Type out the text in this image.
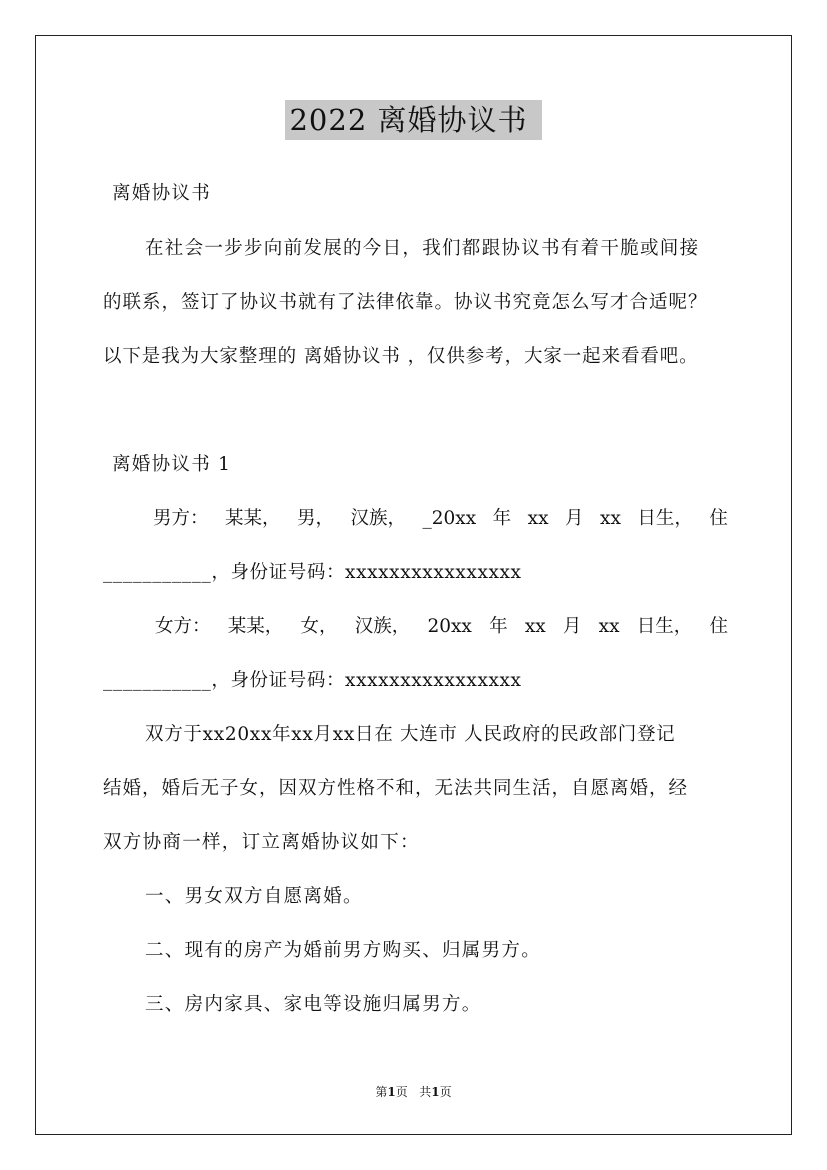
2022 离婚协议书
离婚协议书
在社会一步步向前发展的今日，我们都跟协议书有着干脆或间接
的联系，签订了协议书就有了法律依靠。协议书究竟怎么写才合适呢？
以下是我为大家整理的 离婚协议书 ，仅供参考，大家一起来看看吧。
离婚协议书 1
男方： 某某， 男， 汉族， _20xx 年 xx 月 xx 日生， 住
___________，身份证号码：xxxxxxxxxxxxxxxx
女方： 某某， 女， 汉族， 20xx 年 xx 月 xx 日生， 住
___________，身份证号码：xxxxxxxxxxxxxxxx
双方于xx20xx年xx月xx日在 大连市 人民政府的民政部门登记
结婚，婚后无子女，因双方性格不和，无法共同生活，自愿离婚，经
双方协商一样，订立离婚协议如下：
一、男女双方自愿离婚。
二、现有的房产为婚前男方购买、归属男方。
三、房内家具、家电等设施归属男方。
第1页 共1页
